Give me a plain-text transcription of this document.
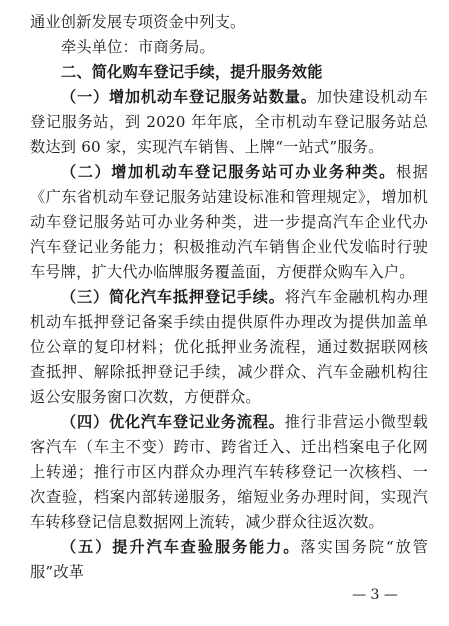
通业创新发展专项资金中列支。

牵头单位：市商务局。

二、简化购车登记手续，提升服务效能

（一）增加机动车登记服务站数量。加快建设机动车登记服务站，到 2020 年年底，全市机动车登记服务站总数达到 60 家，实现汽车销售、上牌“一站式”服务。

（二）增加机动车登记服务站可办业务种类。根据《广东省机动车登记服务站建设标准和管理规定》，增加机动车登记服务站可办业务种类，进一步提高汽车企业代办汽车登记业务能力；积极推动汽车销售企业代发临时行驶车号牌，扩大代办临牌服务覆盖面，方便群众购车入户。

（三）简化汽车抵押登记手续。将汽车金融机构办理机动车抵押登记备案手续由提供原件办理改为提供加盖单位公章的复印材料；优化抵押业务流程，通过数据联网核查抵押、解除抵押登记手续，减少群众、汽车金融机构往返公安服务窗口次数，方便群众。

（四）优化汽车登记业务流程。推行非营运小微型载客汽车（车主不变）跨市、跨省迁入、迁出档案电子化网上转递；推行市区内群众办理汽车转移登记一次核档、一次查验，档案内部转递服务，缩短业务办理时间，实现汽车转移登记信息数据网上流转，减少群众往返次数。

（五）提升汽车查验服务能力。落实国务院“放管服”改革

— 3 —
